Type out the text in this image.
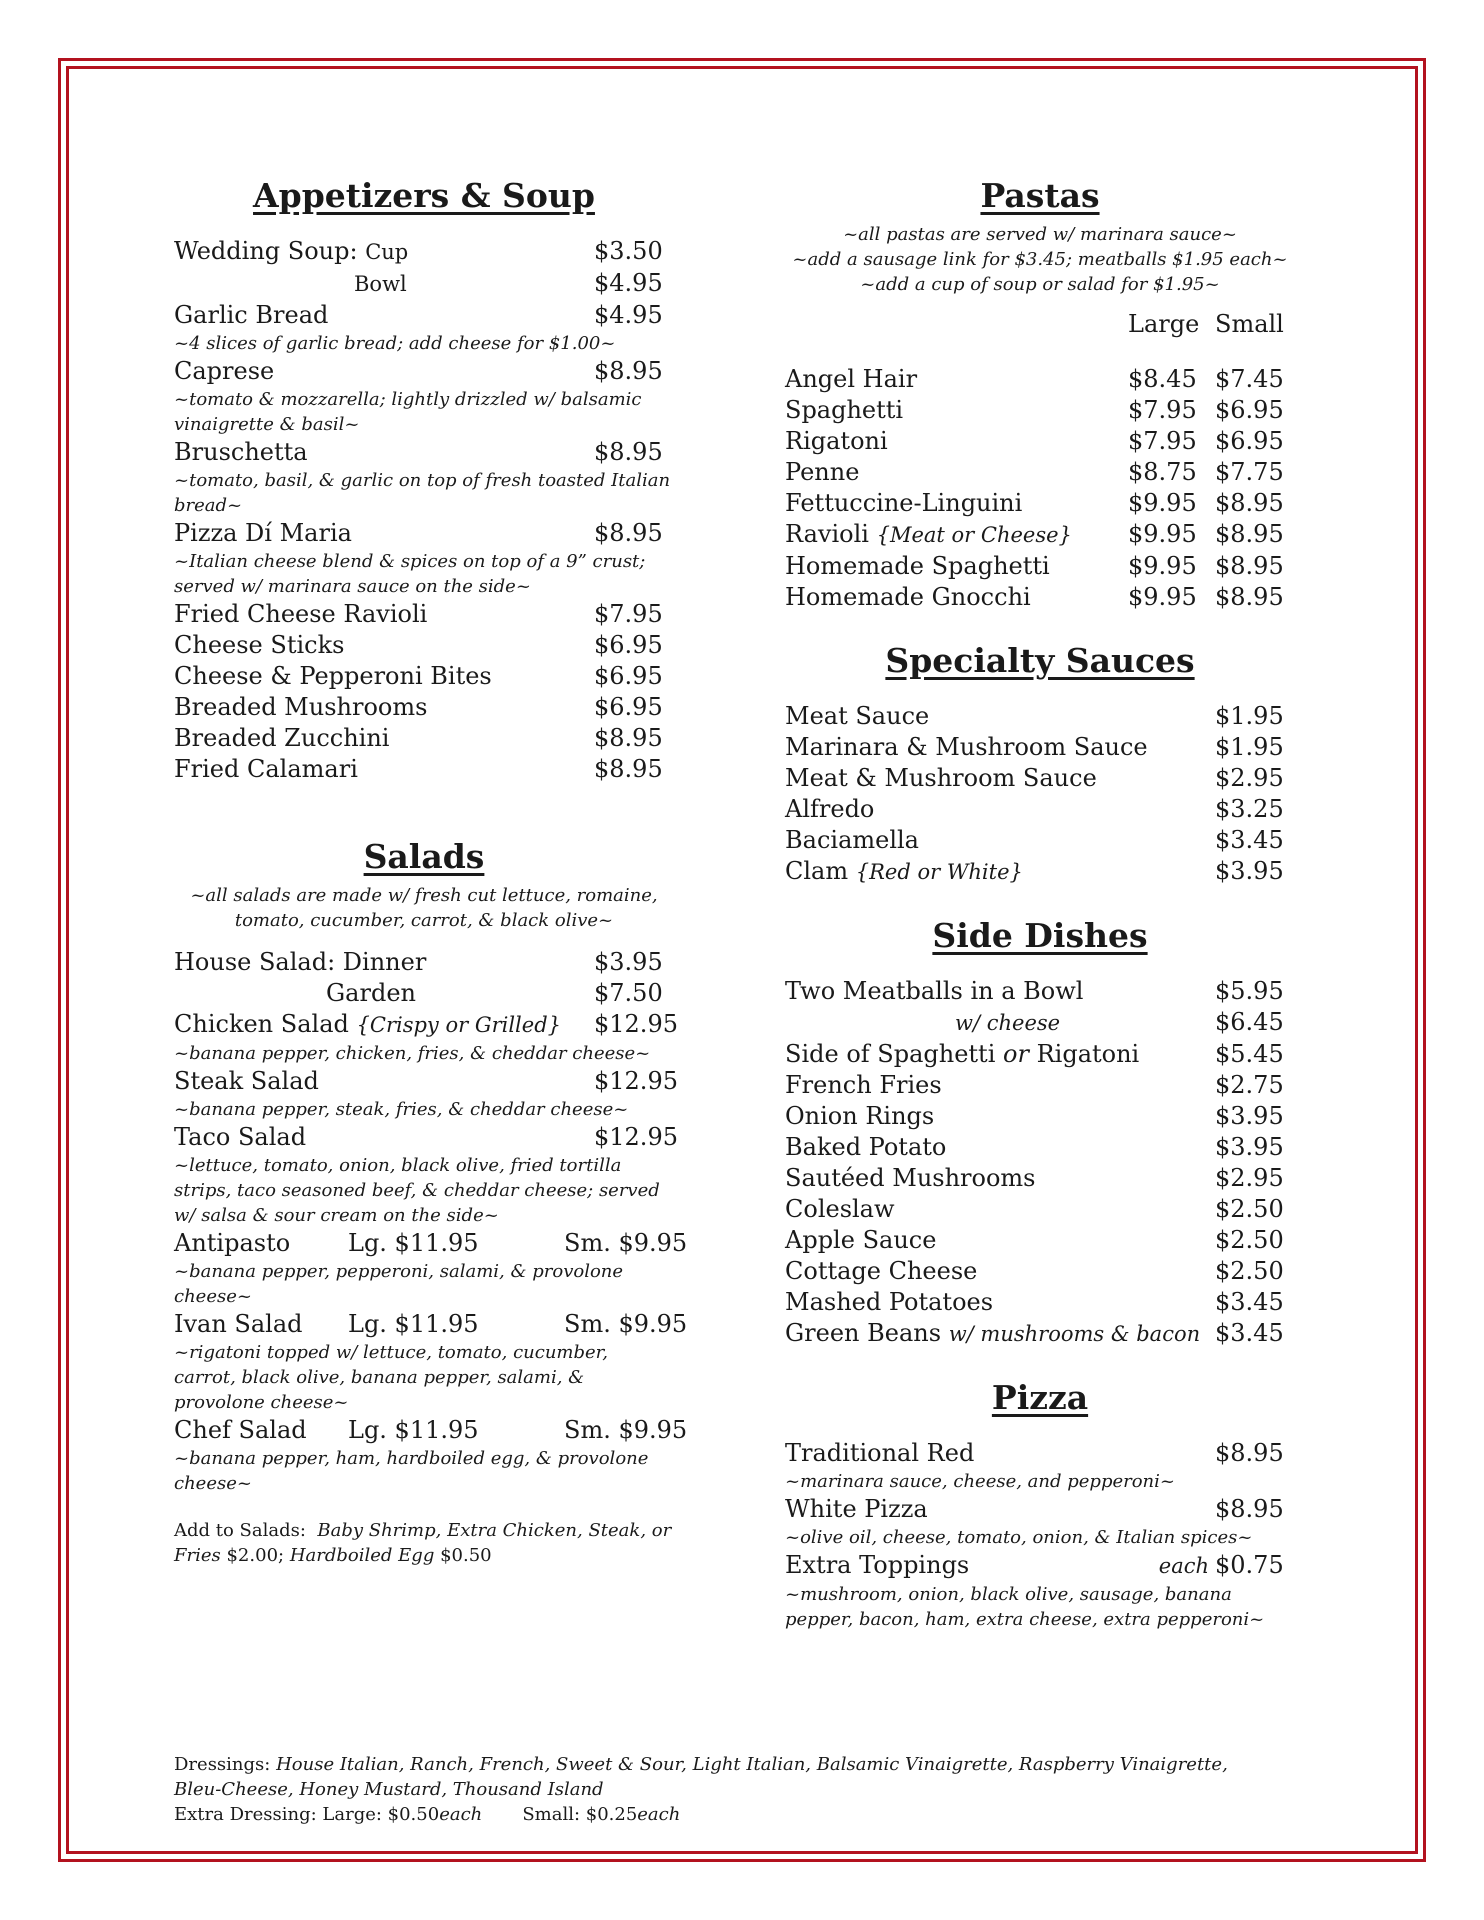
Appetizers & Soup
Wedding Soup: Cup	$3.50
Bowl	$4.95
Garlic Bread	$4.95
~4 slices of garlic bread; add cheese for $1.00~
Caprese	$8.95
~tomato & mozzarella; lightly drizzled w/ balsamic vinaigrette & basil~
Bruschetta	$8.95
~tomato, basil, & garlic on top of fresh toasted Italian bread~
Pizza Dí Maria	$8.95
~Italian cheese blend & spices on top of a 9” crust; served w/ marinara sauce on the side~
Fried Cheese Ravioli	$7.95
Cheese Sticks	$6.95
Cheese & Pepperoni Bites	$6.95
Breaded Mushrooms	$6.95
Breaded Zucchini	$8.95
Fried Calamari	$8.95
Salads
~all salads are made w/ fresh cut lettuce, romaine, tomato, cucumber, carrot, & black olive~
House Salad: Dinner	$3.95
Garden	$7.50
Chicken Salad {Crispy or Grilled}	$12.95
~banana pepper, chicken, fries, & cheddar cheese~
Steak Salad	$12.95
~banana pepper, steak, fries, & cheddar cheese~
Taco Salad	$12.95
~lettuce, tomato, onion, black olive, fried tortilla strips, taco seasoned beef, & cheddar cheese; served w/ salsa & sour cream on the side~
Antipasto	Lg. $11.95	Sm. $9.95
~banana pepper, pepperoni, salami, & provolone cheese~
Ivan Salad	Lg. $11.95	Sm. $9.95
~rigatoni topped w/ lettuce, tomato, cucumber, carrot, black olive, banana pepper, salami, & provolone cheese~
Chef Salad	Lg. $11.95	Sm. $9.95
~banana pepper, ham, hardboiled egg, & provolone cheese~
Add to Salads: Baby Shrimp, Extra Chicken, Steak, or
Fries $2.00; Hardboiled Egg $0.50
Pastas
~all pastas are served w/ marinara sauce~
~add a sausage link for $3.45; meatballs $1.95 each~
~add a cup of soup or salad for $1.95~
Large Small
Angel Hair	$8.45 $7.45
Spaghetti	$7.95 $6.95
Rigatoni	$7.95 $6.95
Penne	$8.75 $7.75
Fettuccine-Linguini	$9.95 $8.95
Ravioli {Meat or Cheese}	$9.95 $8.95
Homemade Spaghetti	$9.95 $8.95
Homemade Gnocchi	$9.95 $8.95
Specialty Sauces
Meat Sauce	$1.95
Marinara & Mushroom Sauce	$1.95
Meat & Mushroom Sauce	$2.95
Alfredo	$3.25
Baciamella	$3.45
Clam {Red or White}	$3.95
Side Dishes
Two Meatballs in a Bowl	$5.95
w/ cheese	$6.45
Side of Spaghetti or Rigatoni	$5.45
French Fries	$2.75
Onion Rings	$3.95
Baked Potato	$3.95
Sautéed Mushrooms	$2.95
Coleslaw	$2.50
Apple Sauce	$2.50
Cottage Cheese	$2.50
Mashed Potatoes	$3.45
Green Beans w/ mushrooms & bacon $3.45
Pizza
Traditional Red	$8.95
~marinara sauce, cheese, and pepperoni~
White Pizza	$8.95
~olive oil, cheese, tomato, onion, & Italian spices~
Extra Toppings	each $0.75
~mushroom, onion, black olive, sausage, banana pepper, bacon, ham, extra cheese, extra pepperoni~
Dressings: House Italian, Ranch, French, Sweet & Sour, Light Italian, Balsamic Vinaigrette, Raspberry Vinaigrette,
Bleu-Cheese, Honey Mustard, Thousand Island
Extra Dressing: Large: $0.50each Small: $0.25each
